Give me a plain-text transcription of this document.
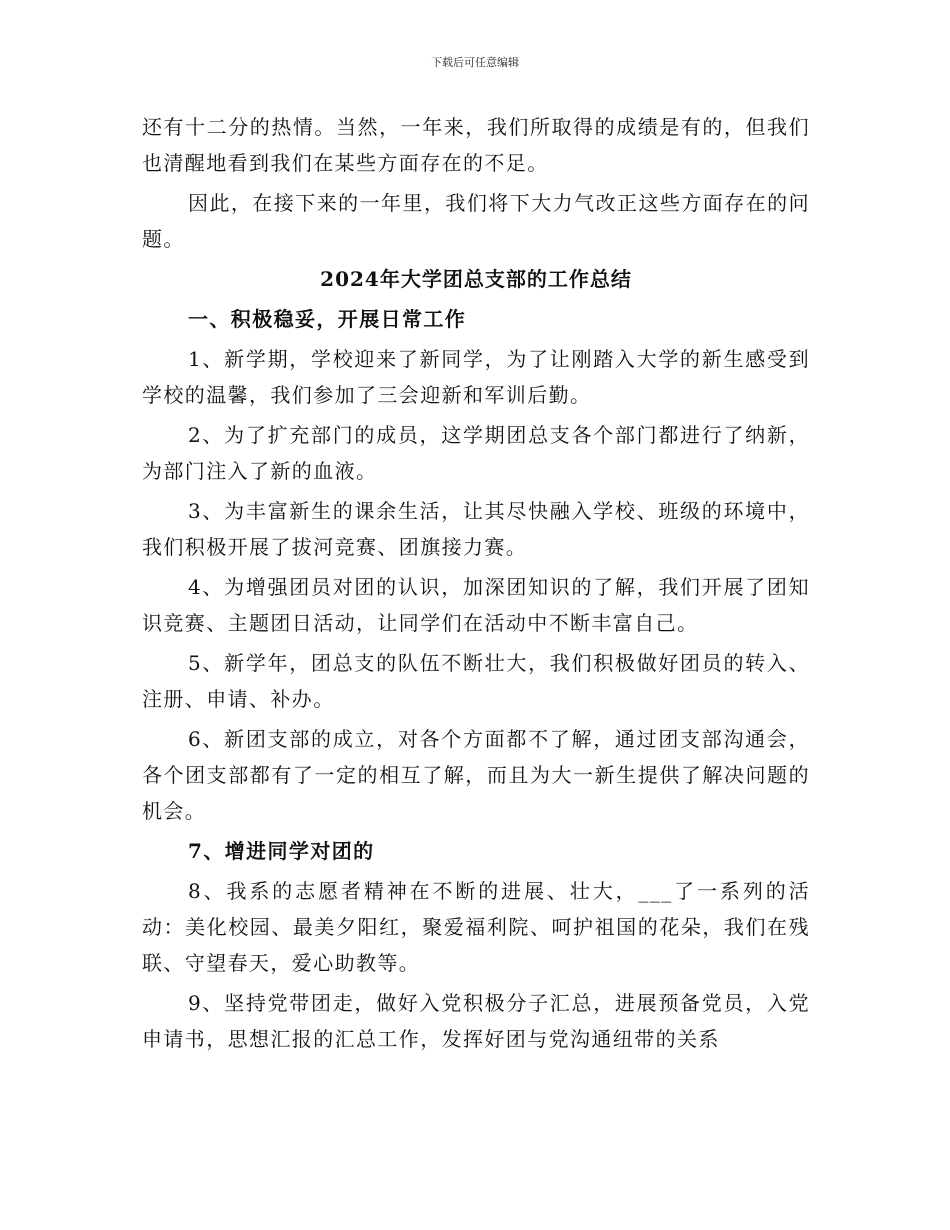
下载后可任意编辑

还有十二分的热情。当然，一年来，我们所取得的成绩是有的，但我们也清醒地看到我们在某些方面存在的不足。

因此，在接下来的一年里，我们将下大力气改正这些方面存在的问题。

2024年大学团总支部的工作总结
一、积极稳妥，开展日常工作

1、新学期，学校迎来了新同学，为了让刚踏入大学的新生感受到学校的温馨，我们参加了三会迎新和军训后勤。

2、为了扩充部门的成员，这学期团总支各个部门都进行了纳新，为部门注入了新的血液。

3、为丰富新生的课余生活，让其尽快融入学校、班级的环境中，我们积极开展了拔河竞赛、团旗接力赛。

4、为增强团员对团的认识，加深团知识的了解，我们开展了团知识竞赛、主题团日活动，让同学们在活动中不断丰富自己。

5、新学年，团总支的队伍不断壮大，我们积极做好团员的转入、注册、申请、补办。

6、新团支部的成立，对各个方面都不了解，通过团支部沟通会，各个团支部都有了一定的相互了解，而且为大一新生提供了解决问题的机会。

7、增进同学对团的

8、我系的志愿者精神在不断的进展、壮大，___了一系列的活动：美化校园、最美夕阳红，聚爱福利院、呵护祖国的花朵，我们在残联、守望春天，爱心助教等。

9、坚持党带团走，做好入党积极分子汇总，进展预备党员，入党申请书，思想汇报的汇总工作，发挥好团与党沟通纽带的关系
